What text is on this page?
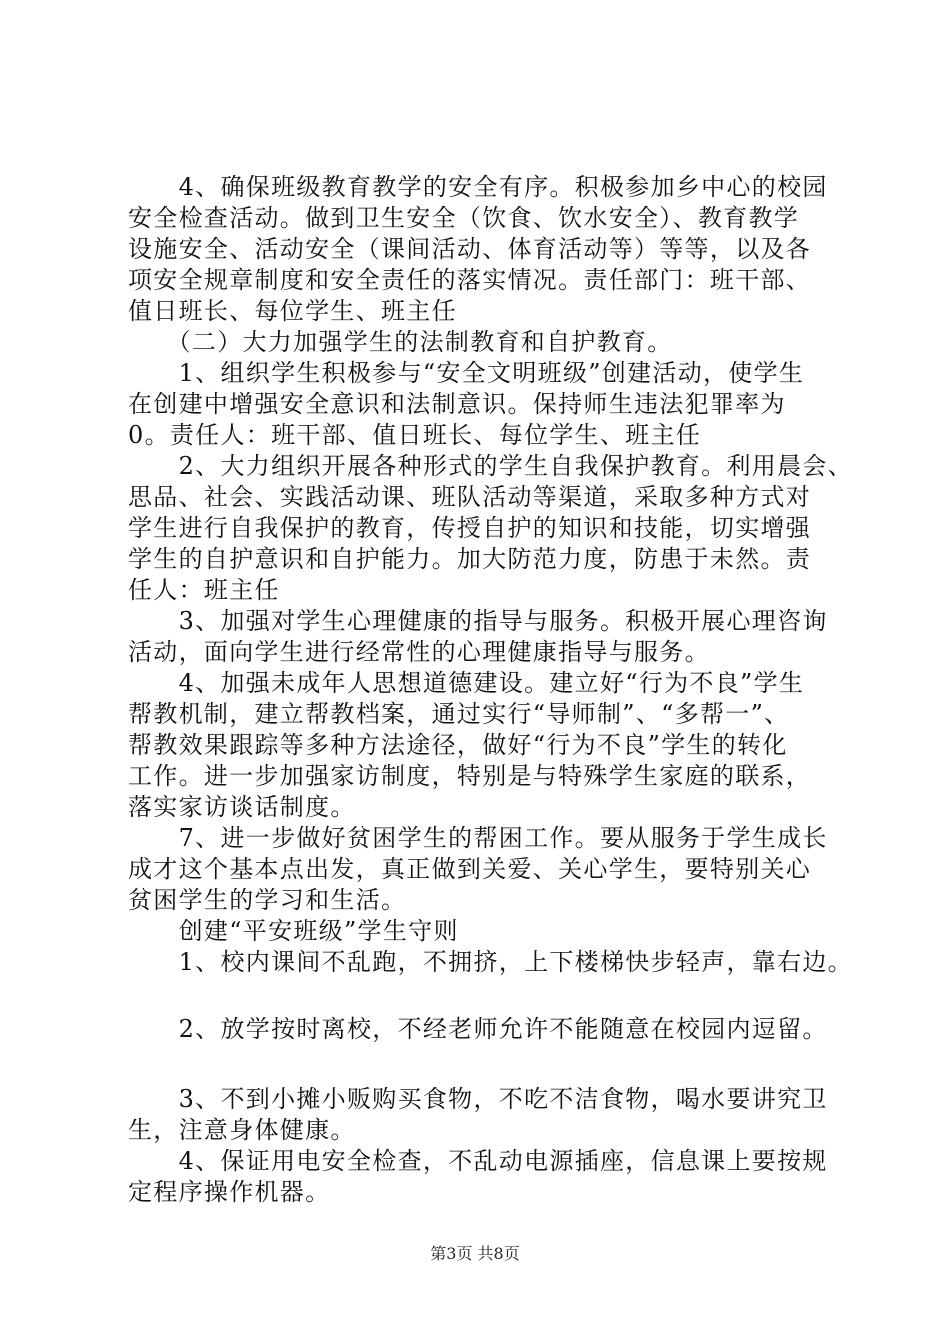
　　4、确保班级教育教学的安全有序。积极参加乡中心的校园
安全检查活动。做到卫生安全（饮食、饮水安全）、教育教学
设施安全、活动安全（课间活动、体育活动等）等等，以及各
项安全规章制度和安全责任的落实情况。责任部门：班干部、
值日班长、每位学生、班主任
　　（二）大力加强学生的法制教育和自护教育。
　　1、组织学生积极参与“安全文明班级”创建活动，使学生
在创建中增强安全意识和法制意识。保持师生违法犯罪率为
0。责任人：班干部、值日班长、每位学生、班主任
　　2、大力组织开展各种形式的学生自我保护教育。利用晨会、
思品、社会、实践活动课、班队活动等渠道，采取多种方式对
学生进行自我保护的教育，传授自护的知识和技能，切实增强
学生的自护意识和自护能力。加大防范力度，防患于未然。责
任人：班主任
　　3、加强对学生心理健康的指导与服务。积极开展心理咨询
活动，面向学生进行经常性的心理健康指导与服务。
　　4、加强未成年人思想道德建设。建立好“行为不良”学生
帮教机制，建立帮教档案，通过实行“导师制”、“多帮一”、
帮教效果跟踪等多种方法途径，做好“行为不良”学生的转化
工作。进一步加强家访制度，特别是与特殊学生家庭的联系，
落实家访谈话制度。
　　7、进一步做好贫困学生的帮困工作。要从服务于学生成长
成才这个基本点出发，真正做到关爱、关心学生，要特别关心
贫困学生的学习和生活。
　　创建“平安班级”学生守则
　　1、校内课间不乱跑，不拥挤，上下楼梯快步轻声，靠右边。
　　2、放学按时离校，不经老师允许不能随意在校园内逗留。
　　3、不到小摊小贩购买食物，不吃不洁食物，喝水要讲究卫
生，注意身体健康。
　　4、保证用电安全检查，不乱动电源插座，信息课上要按规
定程序操作机器。
第3页 共8页
